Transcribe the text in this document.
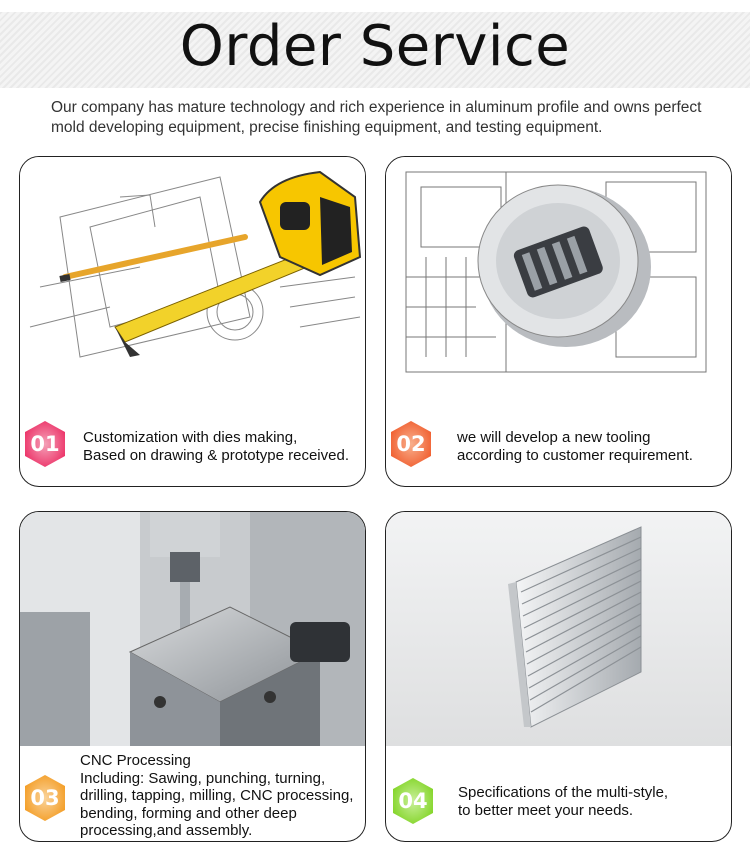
Order Service
Our company has mature technology and rich experience in aluminum profile and owns perfect
mold developing equipment, precise finishing equipment, and testing equipment.
01	Customization with dies making,
Based on drawing & prototype received.	02	we will develop a new tooling
according to customer requirement.
03
CNC Processing
Including: Sawing, punching, turning,
drilling, tapping, milling, CNC processing,
bending, forming and other deep
processing,and assembly.
04	Specifications of the multi-style,
to better meet your needs.
